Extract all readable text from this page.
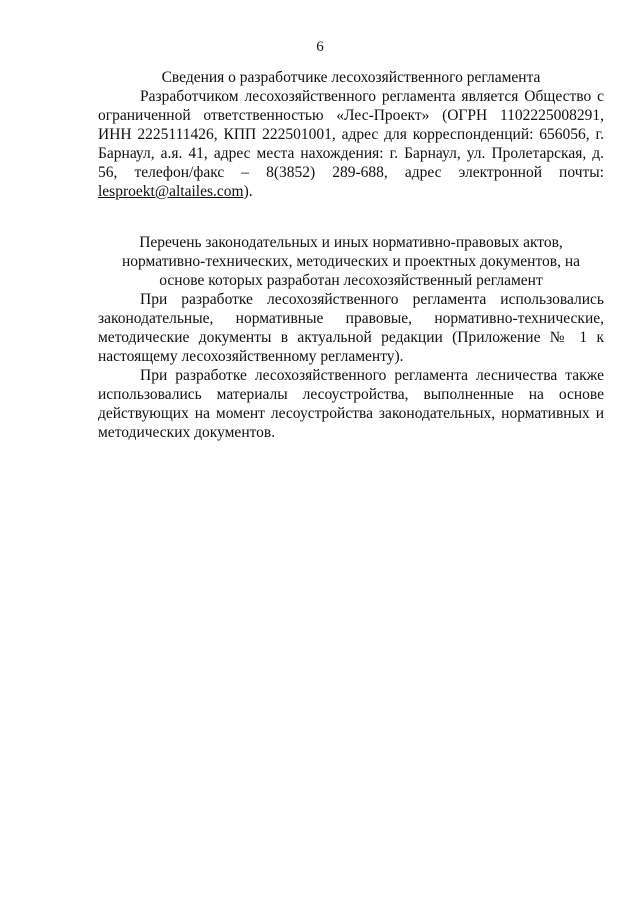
6

Сведения о разработчике лесохозяйственного регламента

Разработчиком лесохозяйственного регламента является Общество с ограниченной ответственностью «Лес-Проект» (ОГРН 1102225008291, ИНН 2225111426, КПП 222501001, адрес для корреспонденций: 656056, г. Барнаул, а.я. 41, адрес места нахождения: г. Барнаул, ул. Пролетарская, д. 56, телефон/факс – 8(3852) 289-688, адрес электронной почты: lesproekt@altailes.com).

Перечень законодательных и иных нормативно-правовых актов, нормативно-технических, методических и проектных документов, на основе которых разработан лесохозяйственный регламент

При разработке лесохозяйственного регламента использовались законодательные, нормативные правовые, нормативно-технические, методические документы в актуальной редакции (Приложение № 1 к настоящему лесохозяйственному регламенту).

При разработке лесохозяйственного регламента лесничества также использовались материалы лесоустройства, выполненные на основе действующих на момент лесоустройства законодательных, нормативных и методических документов.
